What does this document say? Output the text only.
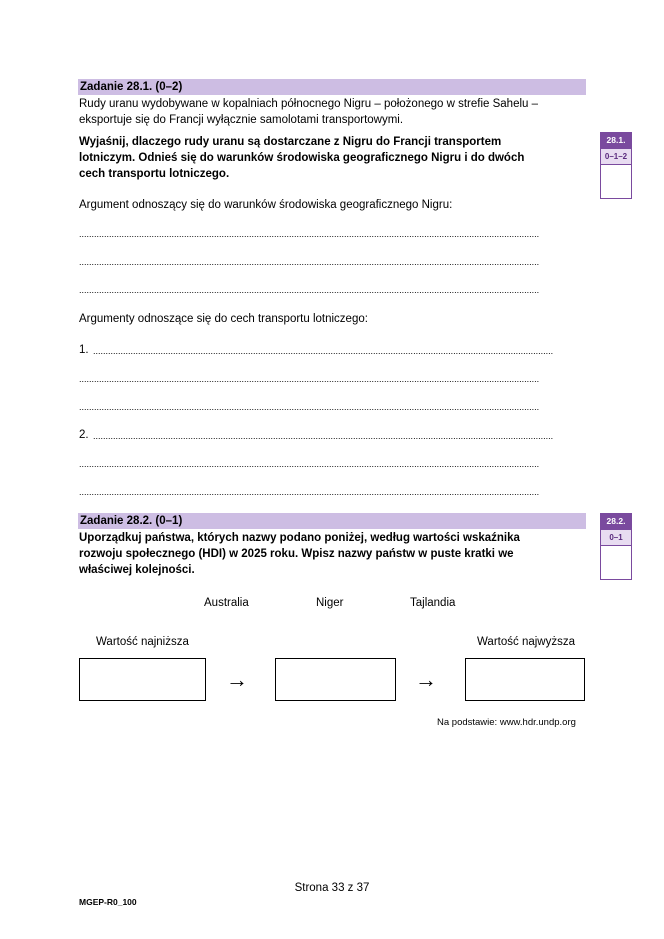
Zadanie 28.1. (0–2)
Rudy uranu wydobywane w kopalniach północnego Nigru – położonego w strefie Sahelu –
eksportuje się do Francji wyłącznie samolotami transportowymi.
Wyjaśnij, dlaczego rudy uranu są dostarczane z Nigru do Francji transportem
lotniczym. Odnieś się do warunków środowiska geograficznego Nigru i do dwóch
cech transportu lotniczego.
28.1.
0–1–2
Argument odnoszący się do warunków środowiska geograficznego Nigru:
........................................................................................................................................................................................
........................................................................................................................................................................................
........................................................................................................................................................................................
Argumenty odnoszące się do cech transportu lotniczego:
1. ........................................................................................................................................................................................
........................................................................................................................................................................................
........................................................................................................................................................................................
2. ........................................................................................................................................................................................
........................................................................................................................................................................................
........................................................................................................................................................................................
Zadanie 28.2. (0–1)
Uporządkuj państwa, których nazwy podano poniżej, według wartości wskaźnika
rozwoju społecznego (HDI) w 2025 roku. Wpisz nazwy państw w puste kratki we
właściwej kolejności.
28.2.
0–1
Australia	Niger	Tajlandia
Wartość najniższa	Wartość najwyższa
→	→
Na podstawie: www.hdr.undp.org
Strona 33 z 37
MGEP-R0_100
